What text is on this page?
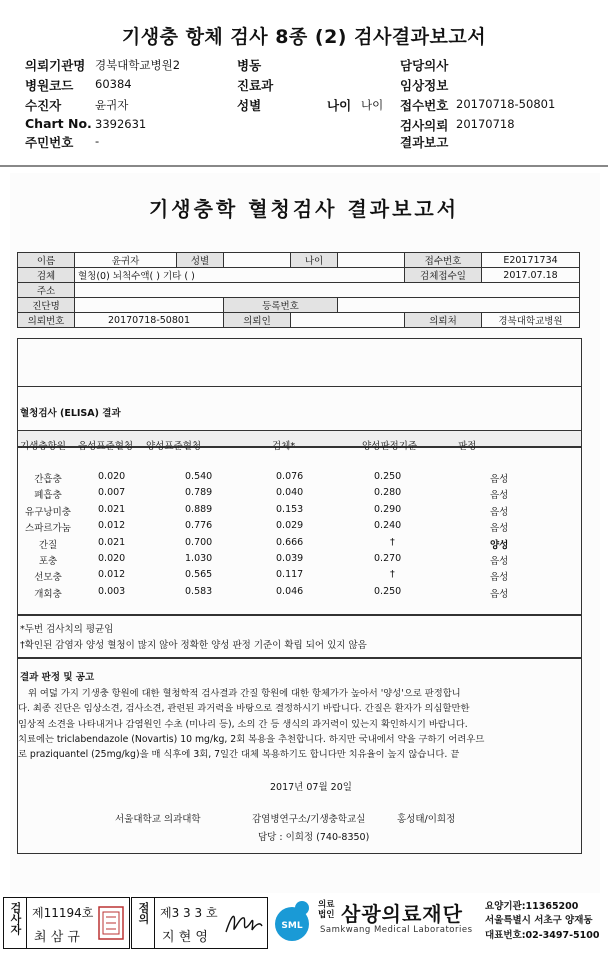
기생충 항체 검사 8종 (2) 검사결과보고서
의뢰기관명 경북대학교병원2
병원코드 60384
수진자	윤귀자
Chart No. 3392631
주민번호 -
병동
진료과
성별	나이 나이
담당의사
임상정보
접수번호 20170718-50801
검사의뢰 20170718
결과보고
기생충학 혈청검사 결과보고서
이름	윤귀자	성별		나이		접수번호	E20171734
검체	혈청(0) 뇌척수액( ) 기타 ( )					검체접수일	2017.07.18
주소							
진단명			등록번호				
의뢰번호	20170718-50801		의뢰인			의뢰처	경북대학교병원
혈청검사 (ELISA) 결과
기생충항원 음성표준혈청 양성표준혈청	검체*	양성판정기준	판정
간흡충	0.020	0.540	0.076	0.250	음성
폐흡충	0.007	0.789	0.040	0.280	음성
유구낭미충	0.021	0.889	0.153	0.290	음성
스파르가눔	0.012	0.776	0.029	0.240	음성
간질	0.021	0.700	0.666	†	양성
포충	0.020	1.030	0.039	0.270	음성
선모충	0.012	0.565	0.117	†	음성
개회충	0.003	0.583	0.046	0.250	음성
*두번 검사치의 평균임
†확인된 감염자 양성 혈청이 많지 않아 정확한 양성 판정 기준이 확립 되어 있지 않음
결과 판정 및 공고
위 여덟 가지 기생충 항원에 대한 혈청학적 검사결과 간질 항원에 대한 항체가가 높아서 '양성'으로 판정합니
다. 최종 진단은 임상소견, 검사소견, 관련된 과거력을 바탕으로 결정하시기 바랍니다. 간질은 환자가 의심할만한
임상적 소견을 나타내거나 감염원인 수초 (미나리 등), 소의 간 등 생식의 과거력이 있는지 확인하시기 바랍니다.
치료에는 triclabendazole (Novartis) 10 mg/kg, 2회 복용을 추천합니다. 하지만 국내에서 약을 구하기 어려우므
로 praziquantel (25mg/kg)을 매 식후에 3회, 7일간 대체 복용하기도 합니다만 치유율이 높지 않습니다. 끝
2017년 07월 20일
서울대학교 의과대학	감염병연구소/기생충학교실	홍성태/이희정
담당 : 이희정 (740-8350)
검사자 제11194호
최 삼 규
점의 제3 3 3 호
지 현 영
SML
의료법인 삼광의료재단
Samkwang Medical Laboratories
요양기관:11365200
서울특별시 서초구 양재동
대표번호:02-3497-5100
